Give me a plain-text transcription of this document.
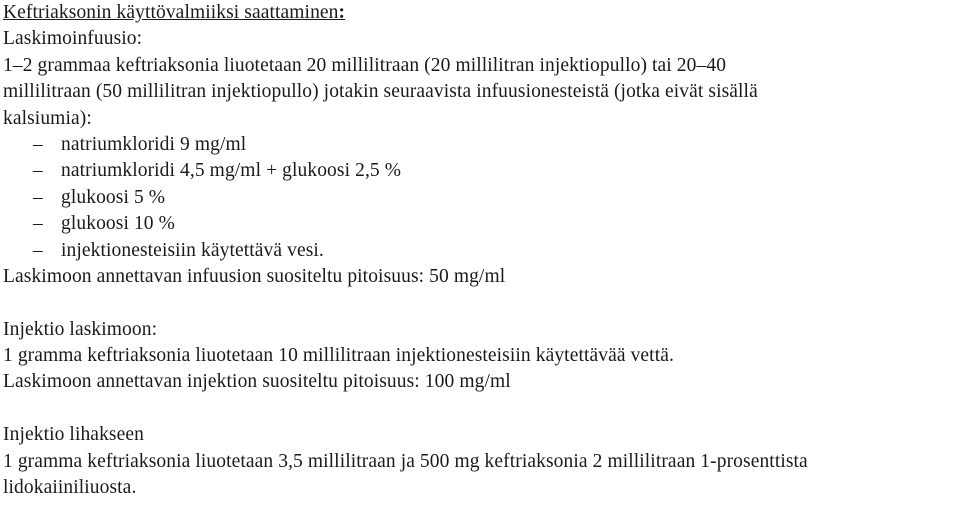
Keftriaksonin käyttövalmiiksi saattaminen:
Laskimoinfuusio:
1–2 grammaa keftriaksonia liuotetaan 20 millilitraan (20 millilitran injektiopullo) tai 20–40
millilitraan (50 millilitran injektiopullo) jotakin seuraavista infuusionesteistä (jotka eivät sisällä
kalsiumia):
– natriumkloridi 9 mg/ml
– natriumkloridi 4,5 mg/ml + glukoosi 2,5 %
– glukoosi 5 %
– glukoosi 10 %
– injektionesteisiin käytettävä vesi.
Laskimoon annettavan infuusion suositeltu pitoisuus: 50 mg/ml
Injektio laskimoon:
1 gramma keftriaksonia liuotetaan 10 millilitraan injektionesteisiin käytettävää vettä.
Laskimoon annettavan injektion suositeltu pitoisuus: 100 mg/ml
Injektio lihakseen
1 gramma keftriaksonia liuotetaan 3,5 millilitraan ja 500 mg keftriaksonia 2 millilitraan 1-prosenttista
lidokaiiniliuosta.
